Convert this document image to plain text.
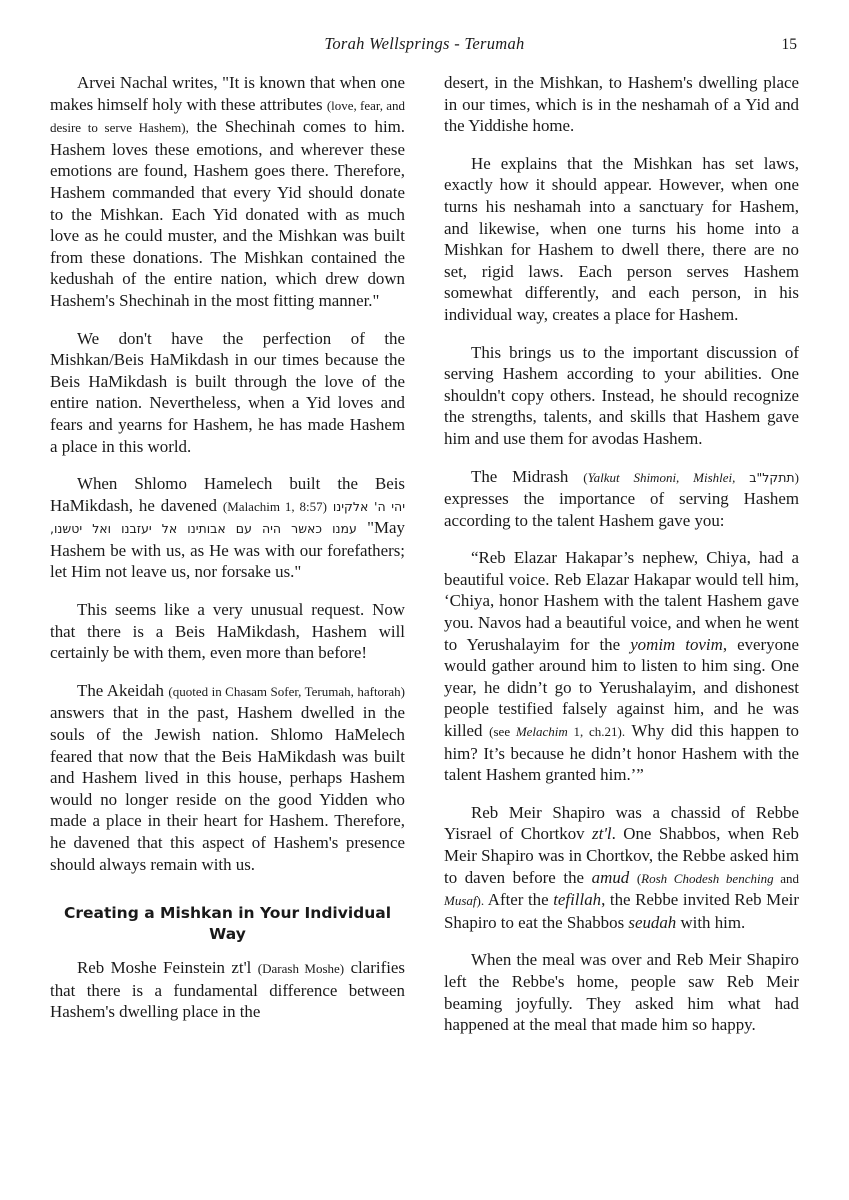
Torah Wellsprings - Terumah	15

Arvei Nachal writes, "It is known that when one makes himself holy with these attributes (love, fear, and desire to serve Hashem), the Shechinah comes to him. Hashem loves these emotions, and wherever these emotions are found, Hashem goes there. Therefore, Hashem commanded that every Yid should donate to the Mishkan. Each Yid donated with as much love as he could muster, and the Mishkan was built from these donations. The Mishkan contained the kedushah of the entire nation, which drew down Hashem's Shechinah in the most fitting manner."

We don't have the perfection of the Mishkan/Beis HaMikdash in our times because the Beis HaMikdash is built through the love of the entire nation. Nevertheless, when a Yid loves and fears and yearns for Hashem, he has made Hashem a place in this world.

When Shlomo Hamelech built the Beis HaMikdash, he davened (Malachim 1, 8:57) יהי ה' אלקינו עמנו כאשר היה עם אבותינו אל יעזבנו ואל יטשנו, "May Hashem be with us, as He was with our forefathers; let Him not leave us, nor forsake us."

This seems like a very unusual request. Now that there is a Beis HaMikdash, Hashem will certainly be with them, even more than before!

The Akeidah (quoted in Chasam Sofer, Terumah, haftorah) answers that in the past, Hashem dwelled in the souls of the Jewish nation. Shlomo HaMelech feared that now that the Beis HaMikdash was built and Hashem lived in this house, perhaps Hashem would no longer reside on the good Yidden who made a place in their heart for Hashem. Therefore, he davened that this aspect of Hashem's presence should always remain with us.

Creating a Mishkan in Your Individual Way

Reb Moshe Feinstein zt'l (Darash Moshe) clarifies that there is a fundamental difference between Hashem's dwelling place in the

desert, in the Mishkan, to Hashem's dwelling place in our times, which is in the neshamah of a Yid and the Yiddishe home.

He explains that the Mishkan has set laws, exactly how it should appear. However, when one turns his neshamah into a sanctuary for Hashem, and likewise, when one turns his home into a Mishkan for Hashem to dwell there, there are no set, rigid laws. Each person serves Hashem somewhat differently, and each person, in his individual way, creates a place for Hashem.

This brings us to the important discussion of serving Hashem according to your abilities. One shouldn't copy others. Instead, he should recognize the strengths, talents, and skills that Hashem gave him and use them for avodas Hashem.

The Midrash (Yalkut Shimoni, Mishlei, תתקל"ב) expresses the importance of serving Hashem according to the talent Hashem gave you:

“Reb Elazar Hakapar’s nephew, Chiya, had a beautiful voice. Reb Elazar Hakapar would tell him, ‘Chiya, honor Hashem with the talent Hashem gave you. Navos had a beautiful voice, and when he went to Yerushalayim for the yomim tovim, everyone would gather around him to listen to him sing. One year, he didn’t go to Yerushalayim, and dishonest people testified falsely against him, and he was killed (see Melachim 1, ch.21). Why did this happen to him? It’s because he didn’t honor Hashem with the talent Hashem granted him.’”

Reb Meir Shapiro was a chassid of Rebbe Yisrael of Chortkov zt'l. One Shabbos, when Reb Meir Shapiro was in Chortkov, the Rebbe asked him to daven before the amud (Rosh Chodesh benching and Musaf). After the tefillah, the Rebbe invited Reb Meir Shapiro to eat the Shabbos seudah with him.

When the meal was over and Reb Meir Shapiro left the Rebbe's home, people saw Reb Meir beaming joyfully. They asked him what had happened at the meal that made him so happy.
